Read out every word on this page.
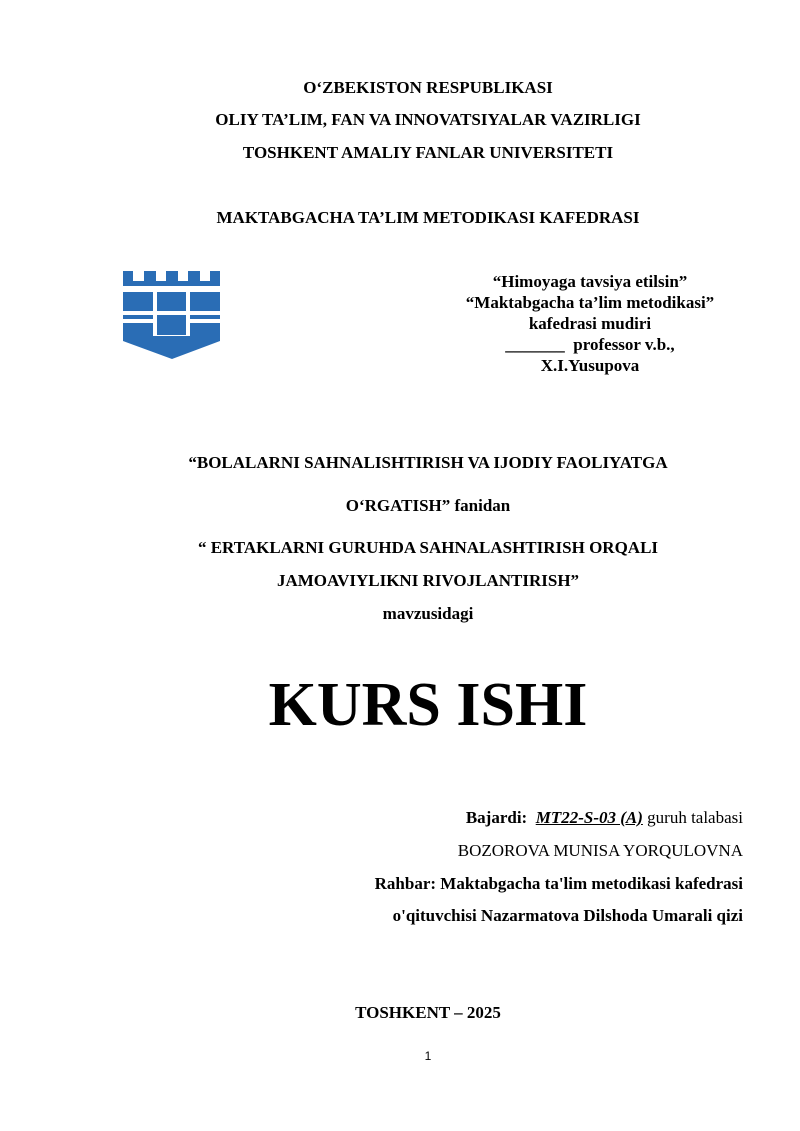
O‘ZBEKISTON RESPUBLIKASI
OLIY TA’LIM, FAN VA INNOVATSIYALAR VAZIRLIGI
TOSHKENT AMALIY FANLAR UNIVERSITETI
MAKTABGACHA TA’LIM METODIKASI KAFEDRASI
“Himoyaga tavsiya etilsin”
“Maktabgacha ta’lim metodikasi”
kafedrasi mudiri
_______ professor v.b.,
X.I.Yusupova
“BOLALARNI SAHNALISHTIRISH VA IJODIY FAOLIYATGA
O‘RGATISH” fanidan
“ ERTAKLARNI GURUHDA SAHNALASHTIRISH ORQALI
JAMOAVIYLIKNI RIVOJLANTIRISH”
mavzusidagi
KURS ISHI
Bajardi: MT22-S-03 (A) guruh talabasi
BOZOROVA MUNISA YORQULOVNA
Rahbar: Maktabgacha ta'lim metodikasi kafedrasi
o'qituvchisi Nazarmatova Dilshoda Umarali qizi
TOSHKENT – 2025
1
